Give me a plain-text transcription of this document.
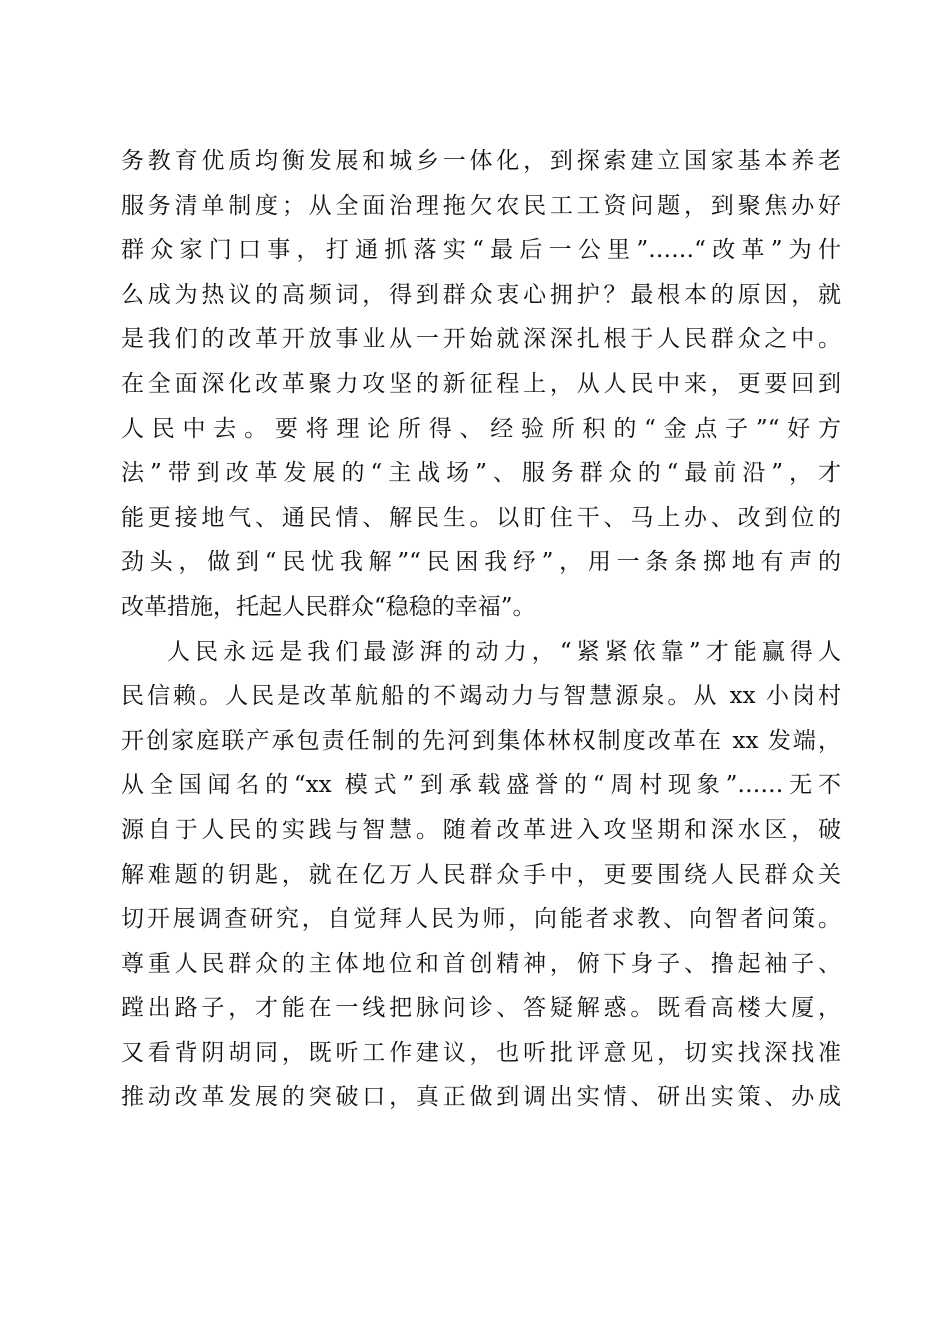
务教育优质均衡发展和城乡一体化，到探索建立国家基本养老
服务清单制度；从全面治理拖欠农民工工资问题，到聚焦办好
群众家门口事，打通抓落实“最后一公里”……“改革”为什
么成为热议的高频词，得到群众衷心拥护？最根本的原因，就
是我们的改革开放事业从一开始就深深扎根于人民群众之中。
在全面深化改革聚力攻坚的新征程上，从人民中来，更要回到
人民中去。要将理论所得、经验所积的“金点子”“好方
法”带到改革发展的“主战场”、服务群众的“最前沿”，才
能更接地气、通民情、解民生。以盯住干、马上办、改到位的
劲头，做到“民忧我解”“民困我纾”，用一条条掷地有声的
改革措施，托起人民群众“稳稳的幸福”。
人民永远是我们最澎湃的动力，“紧紧依靠”才能赢得人
民信赖。人民是改革航船的不竭动力与智慧源泉。从 xx 小岗村
开创家庭联产承包责任制的先河到集体林权制度改革在 xx 发端，
从全国闻名的“xx 模式”到承载盛誉的“周村现象”……无不
源自于人民的实践与智慧。随着改革进入攻坚期和深水区，破
解难题的钥匙，就在亿万人民群众手中，更要围绕人民群众关
切开展调查研究，自觉拜人民为师，向能者求教、向智者问策。
尊重人民群众的主体地位和首创精神，俯下身子、撸起袖子、
蹚出路子，才能在一线把脉问诊、答疑解惑。既看高楼大厦，
又看背阴胡同，既听工作建议，也听批评意见，切实找深找准
推动改革发展的突破口，真正做到调出实情、研出实策、办成
